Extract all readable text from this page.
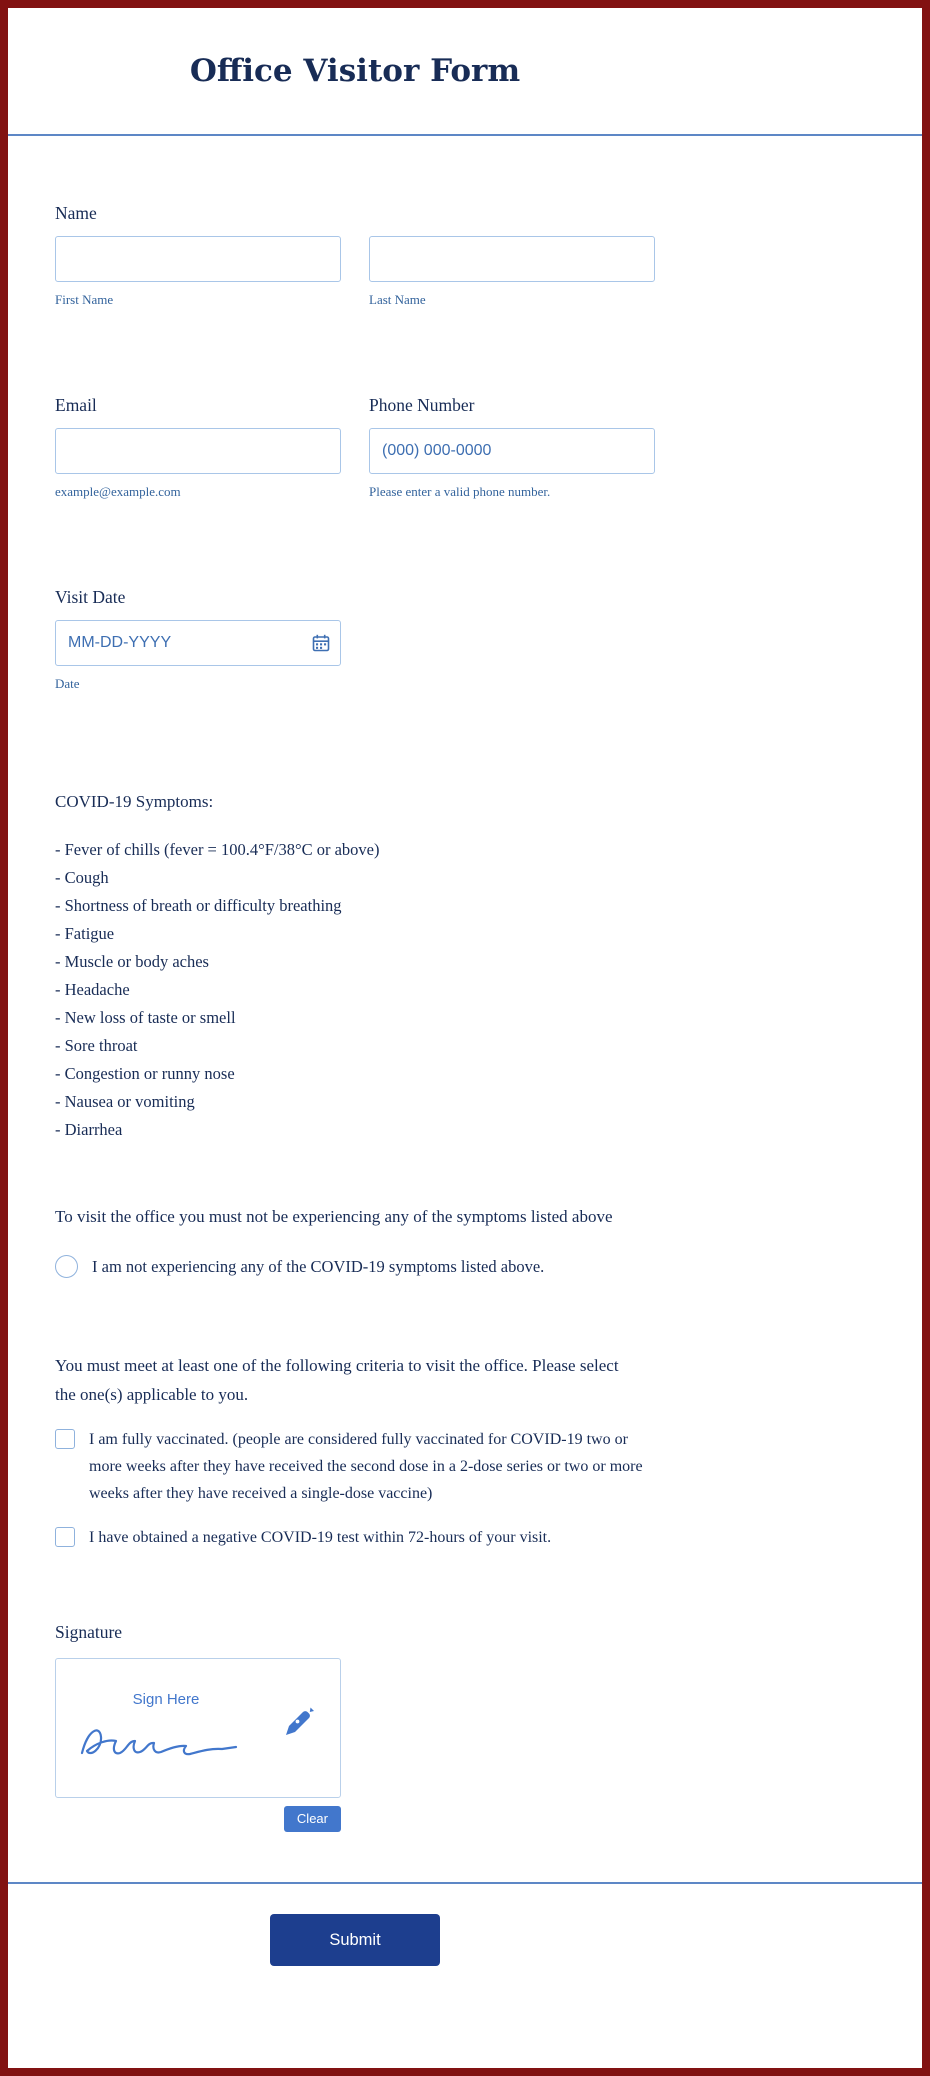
Office Visitor Form
Name
First Name	Last Name
Email
example@example.com
Phone Number
(000) 000-0000
Please enter a valid phone number.
Visit Date
MM-DD-YYYY
Date
COVID-19 Symptoms:
- Fever of chills (fever = 100.4°F/38°C or above)
- Cough
- Shortness of breath or difficulty breathing
- Fatigue
- Muscle or body aches
- Headache
- New loss of taste or smell
- Sore throat
- Congestion or runny nose
- Nausea or vomiting
- Diarrhea
To visit the office you must not be experiencing any of the symptoms listed above
I am not experiencing any of the COVID-19 symptoms listed above.
You must meet at least one of the following criteria to visit the office. Please select the one(s) applicable to you.
I am fully vaccinated. (people are considered fully vaccinated for COVID-19 two or more weeks after they have received the second dose in a 2-dose series or two or more weeks after they have received a single-dose vaccine)
I have obtained a negative COVID-19 test within 72-hours of your visit.
Signature
Sign Here
Clear
Submit
